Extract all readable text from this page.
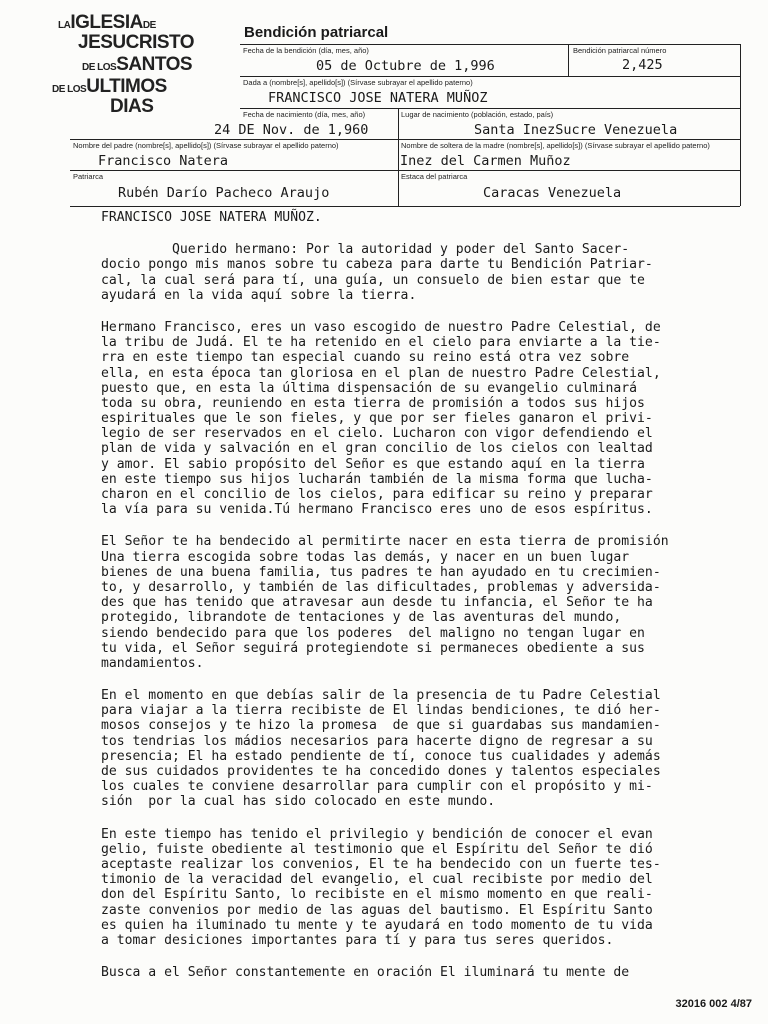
LAIGLESIADE
JESUCRISTO
DE LOSSANTOS
DE LOSULTIMOS
DIAS
Bendición patriarcal
Fecha de la bendición (día, mes, año)
05 de Octubre de 1,996
Bendición patriarcal número
2,425
Dada a (nombre[s], apellido[s]) (Sírvase subrayar el apellido paterno)
FRANCISCO JOSE NATERA MUÑOZ
Fecha de nacimiento (día, mes, año)
24 DE Nov. de 1,960
Lugar de nacimiento (población, estado, país)
Santa InezSucre Venezuela
Nombre del padre (nombre[s], apellido[s]) (Sírvase subrayar el apellido paterno)
Francisco Natera
Nombre de soltera de la madre (nombre[s], apellido[s]) (Sírvase subrayar el apellido paterno)
Inez del Carmen Muñoz
Patriarca
Rubén Darío Pacheco Araujo
Estaca del patriarca
Caracas Venezuela
FRANCISCO JOSE NATERA MUÑOZ.
Querido hermano: Por la autoridad y poder del Santo Sacer-
docio pongo mis manos sobre tu cabeza para darte tu Bendición Patriar-
cal, la cual será para tí, una guía, un consuelo de bien estar que te
ayudará en la vida aquí sobre la tierra.
Hermano Francisco, eres un vaso escogido de nuestro Padre Celestial, de
la tribu de Judá. El te ha retenido en el cielo para enviarte a la tie-
rra en este tiempo tan especial cuando su reino está otra vez sobre
ella, en esta época tan gloriosa en el plan de nuestro Padre Celestial,
puesto que, en esta la última dispensación de su evangelio culminará
toda su obra, reuniendo en esta tierra de promisión a todos sus hijos
espirituales que le son fieles, y que por ser fieles ganaron el privi-
legio de ser reservados en el cielo. Lucharon con vigor defendiendo el
plan de vida y salvación en el gran concilio de los cielos con lealtad
y amor. El sabio propósito del Señor es que estando aquí en la tierra
en este tiempo sus hijos lucharán también de la misma forma que lucha-
charon en el concilio de los cielos, para edificar su reino y preparar
la vía para su venida.Tú hermano Francisco eres uno de esos espíritus.
El Señor te ha bendecido al permitirte nacer en esta tierra de promisión
Una tierra escogida sobre todas las demás, y nacer en un buen lugar
bienes de una buena familia, tus padres te han ayudado en tu crecimien-
to, y desarrollo, y también de las dificultades, problemas y adversida-
des que has tenido que atravesar aun desde tu infancia, el Señor te ha
protegido, librandote de tentaciones y de las aventuras del mundo,
siendo bendecido para que los poderes  del maligno no tengan lugar en
tu vida, el Señor seguirá protegiendote si permaneces obediente a sus
mandamientos.
En el momento en que debías salir de la presencia de tu Padre Celestial
para viajar a la tierra recibiste de El lindas bendiciones, te dió her-
mosos consejos y te hizo la promesa  de que si guardabas sus mandamien-
tos tendrias los mádios necesarios para hacerte digno de regresar a su
presencia; El ha estado pendiente de tí, conoce tus cualidades y además
de sus cuidados providentes te ha concedido dones y talentos especiales
los cuales te conviene desarrollar para cumplir con el propósito y mi-
sión  por la cual has sido colocado en este mundo.
En este tiempo has tenido el privilegio y bendición de conocer el evan
gelio, fuiste obediente al testimonio que el Espíritu del Señor te dió
aceptaste realizar los convenios, El te ha bendecido con un fuerte tes-
timonio de la veracidad del evangelio, el cual recibiste por medio del
don del Espíritu Santo, lo recibiste en el mismo momento en que reali-
zaste convenios por medio de las aguas del bautismo. El Espíritu Santo
es quien ha iluminado tu mente y te ayudará en todo momento de tu vida
a tomar desiciones importantes para tí y para tus seres queridos.
Busca a el Señor constantemente en oración El iluminará tu mente de
32016 002 4/87
